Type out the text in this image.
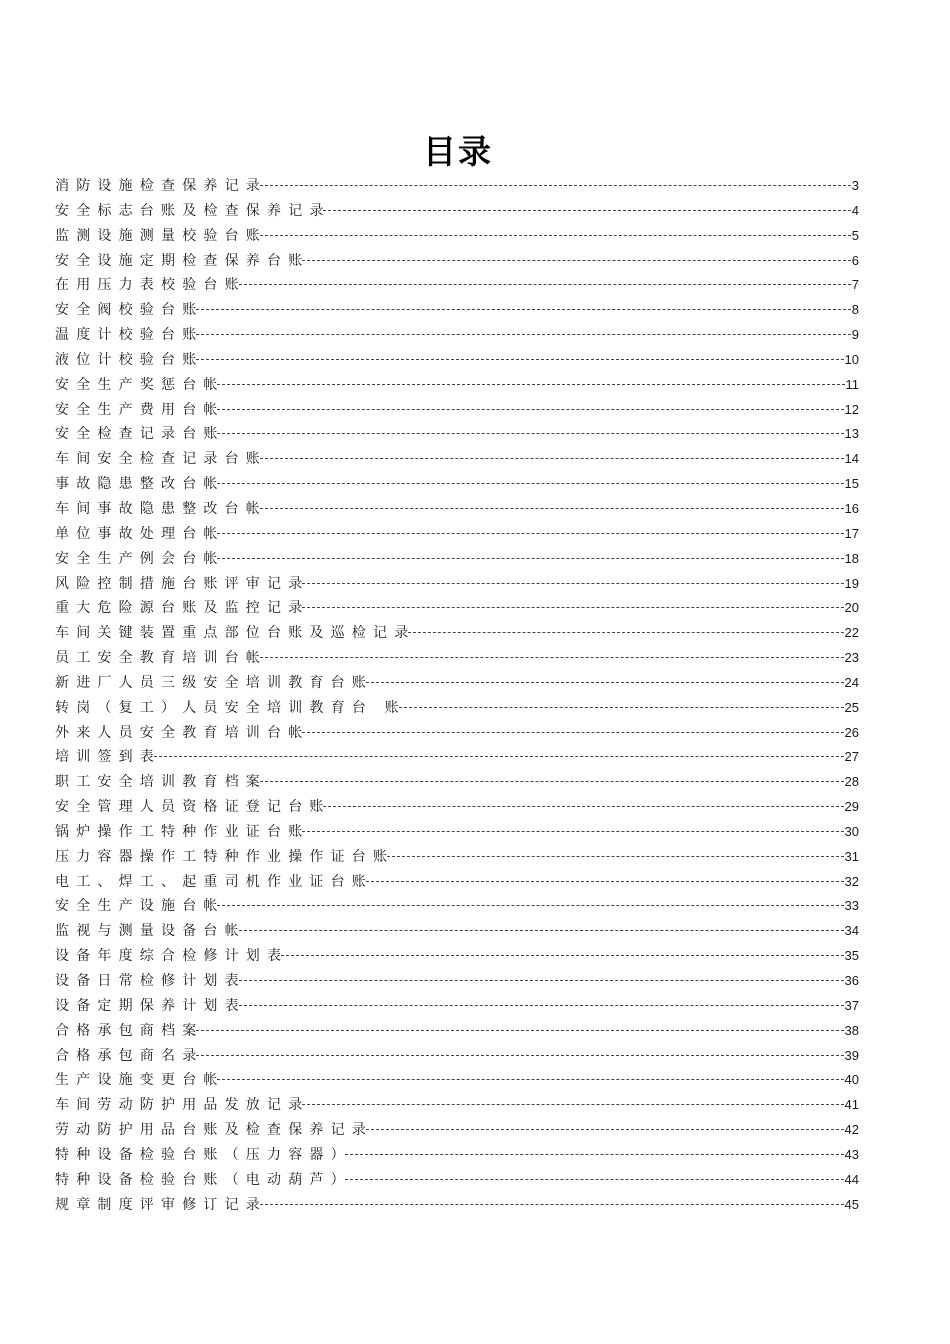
目录
消防设施检查保养记录	3
安全标志台账及检查保养记录	4
监测设施测量校验台账	5
安全设施定期检查保养台账	6
在用压力表校验台账	7
安全阀校验台账	8
温度计校验台账	9
液位计校验台账	10
安全生产奖惩台帐	11
安全生产费用台帐	12
安全检查记录台账	13
车间安全检查记录台账	14
事故隐患整改台帐	15
车间事故隐患整改台帐	16
单位事故处理台帐	17
安全生产例会台帐	18
风险控制措施台账评审记录	19
重大危险源台账及监控记录	20
车间关键装置重点部位台账及巡检记录	22
员工安全教育培训台帐	23
新进厂人员三级安全培训教育台账	24
转岗（复工）人员安全培训教育台 账	25
外来人员安全教育培训台帐	26
培训签到表	27
职工安全培训教育档案	28
安全管理人员资格证登记台账	29
锅炉操作工特种作业证台账	30
压力容器操作工特种作业操作证台账	31
电工、焊工、起重司机作业证台账	32
安全生产设施台帐	33
监视与测量设备台帐	34
设备年度综合检修计划表	35
设备日常检修计划表	36
设备定期保养计划表	37
合格承包商档案	38
合格承包商名录	39
生产设施变更台帐	40
车间劳动防护用品发放记录	41
劳动防护用品台账及检查保养记录	42
特种设备检验台账（压力容器）	43
特种设备检验台账（电动葫芦）	44
规章制度评审修订记录	45
